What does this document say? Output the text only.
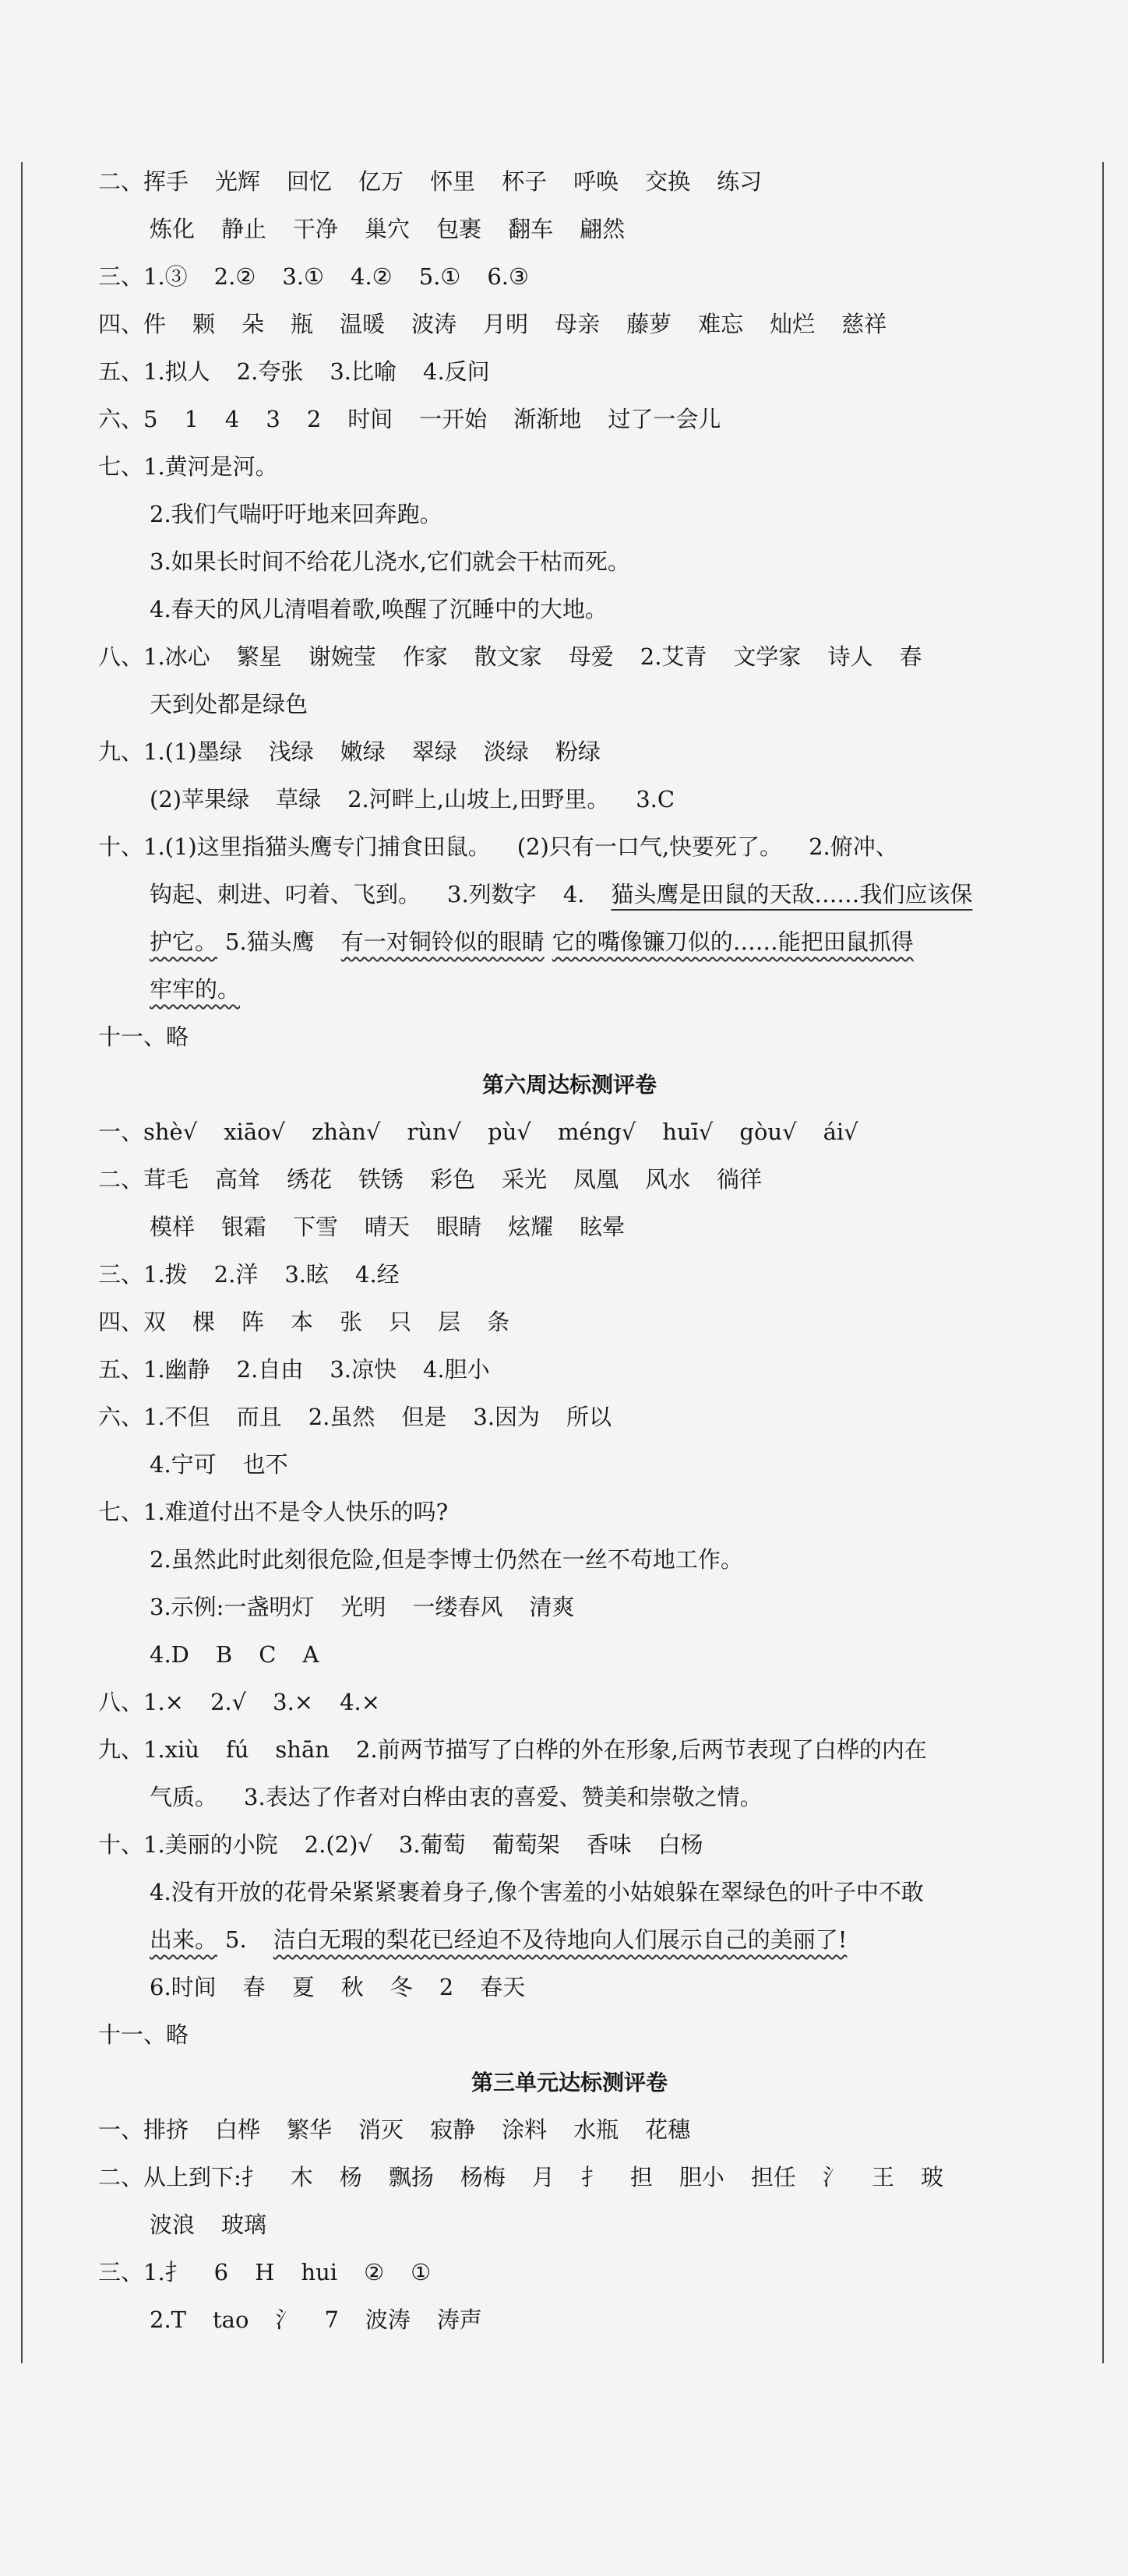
二、挥手 光辉 回忆 亿万 怀里 杯子 呼唤 交换 练习
炼化 静止 干净 巢穴 包裹 翻车 翩然
三、1.③ 2.② 3.① 4.② 5.① 6.③
四、件 颗 朵 瓶 温暖 波涛 月明 母亲 藤萝 难忘 灿烂 慈祥
五、1.拟人 2.夸张 3.比喻 4.反问
六、5 1 4 3 2 时间 一开始 渐渐地 过了一会儿
七、1.黄河是河。
2.我们气喘吁吁地来回奔跑。
3.如果长时间不给花儿浇水,它们就会干枯而死。
4.春天的风儿清唱着歌,唤醒了沉睡中的大地。
八、1.冰心 繁星 谢婉莹 作家 散文家 母爱 2.艾青 文学家 诗人 春
天到处都是绿色
九、1.(1)墨绿 浅绿 嫩绿 翠绿 淡绿 粉绿
(2)苹果绿 草绿 2.河畔上,山坡上,田野里。 3.C
十、1.(1)这里指猫头鹰专门捕食田鼠。 (2)只有一口气,快要死了。 2.俯冲、
钩起、刺进、叼着、飞到。 3.列数字 4. 猫头鹰是田鼠的天敌……我们应该保
护它。 5.猫头鹰 有一对铜铃似的眼睛 它的嘴像镰刀似的……能把田鼠抓得
牢牢的。
十一、略
第六周达标测评卷
一、shè√ xiāo√ zhàn√ rùn√ pù√ méng√ huī√ gòu√ ái√
二、茸毛 高耸 绣花 铁锈 彩色 采光 凤凰 风水 徜徉
模样 银霜 下雪 晴天 眼睛 炫耀 眩晕
三、1.拨 2.洋 3.眩 4.经
四、双 棵 阵 本 张 只 层 条
五、1.幽静 2.自由 3.凉快 4.胆小
六、1.不但 而且 2.虽然 但是 3.因为 所以
4.宁可 也不
七、1.难道付出不是令人快乐的吗?
2.虽然此时此刻很危险,但是李博士仍然在一丝不苟地工作。
3.示例:一盏明灯 光明 一缕春风 清爽
4.D B C A
八、1.× 2.√ 3.× 4.×
九、1.xiù fú shān 2.前两节描写了白桦的外在形象,后两节表现了白桦的内在
气质。 3.表达了作者对白桦由衷的喜爱、赞美和崇敬之情。
十、1.美丽的小院 2.(2)√ 3.葡萄 葡萄架 香味 白杨
4.没有开放的花骨朵紧紧裹着身子,像个害羞的小姑娘躲在翠绿色的叶子中不敢
出来。 5. 洁白无瑕的梨花已经迫不及待地向人们展示自己的美丽了!
6.时间 春 夏 秋 冬 2 春天
十一、略
第三单元达标测评卷
一、排挤 白桦 繁华 消灭 寂静 涂料 水瓶 花穗
二、从上到下:扌 木 杨 飘扬 杨梅 月 扌 担 胆小 担任 氵 王 玻
波浪 玻璃
三、1.扌 6 H hui ② ①
2.T tao 氵 7 波涛 涛声
